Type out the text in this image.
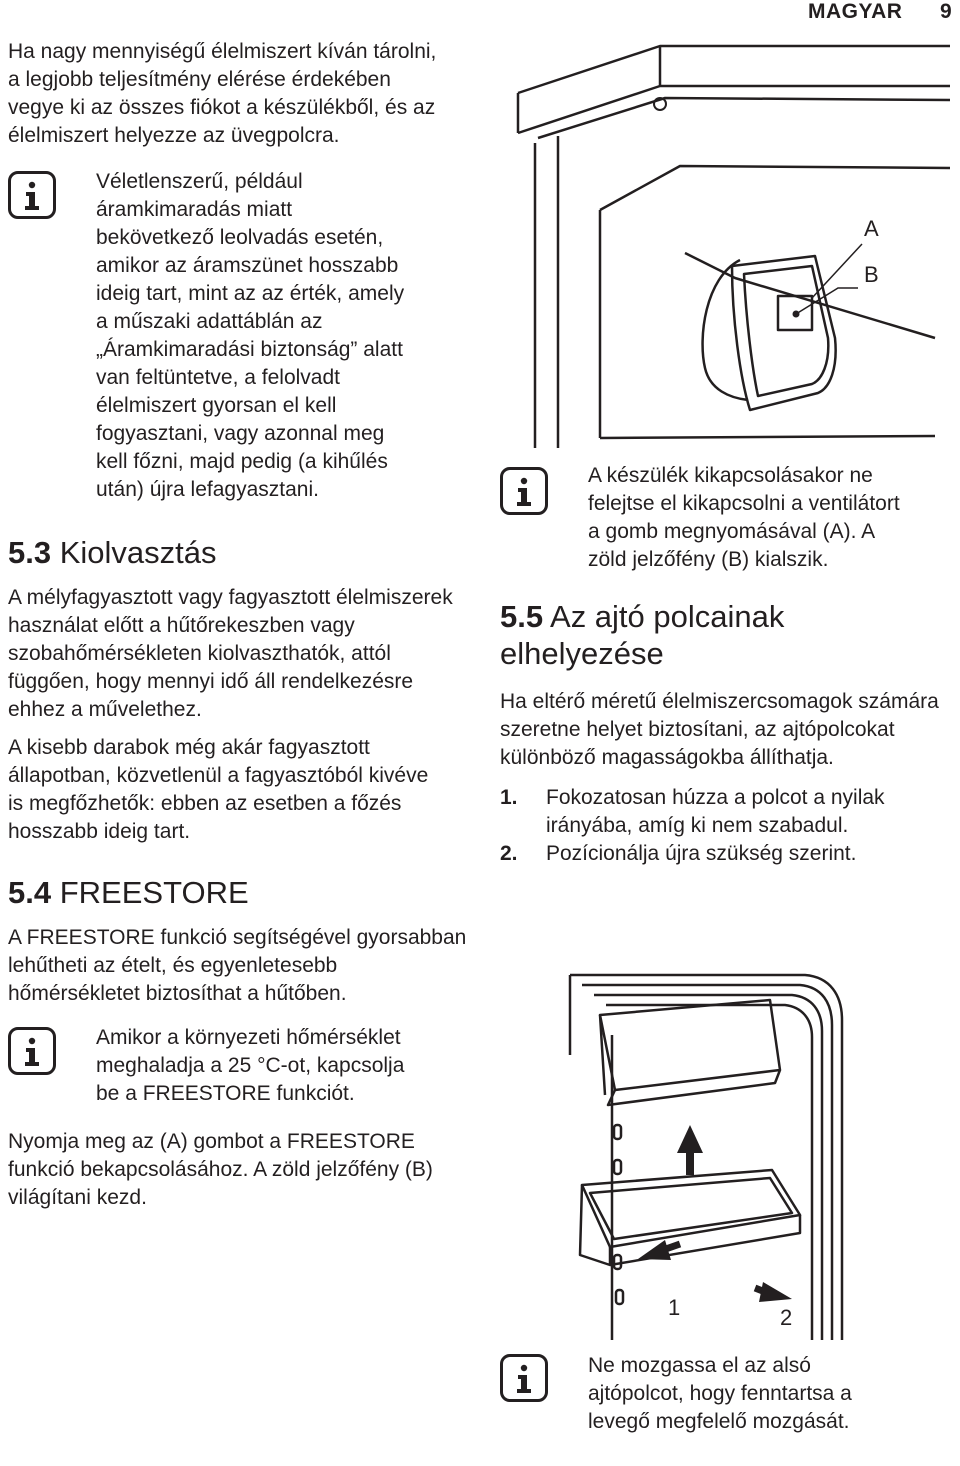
MAGYAR 9

Ha nagy mennyiségű élelmiszert kíván tárolni, a legjobb teljesítmény elérése érdekében vegye ki az összes fiókot a készülékből, és az élelmiszert helyezze az üvegpolcra.

Véletlenszerű, például áramkimaradás miatt bekövetkező leolvadás esetén, amikor az áramszünet hosszabb ideig tart, mint az az érték, amely a műszaki adattáblán az „Áramkimaradási biztonság” alatt van feltüntetve, a felolvadt élelmiszert gyorsan el kell fogyasztani, vagy azonnal meg kell főzni, majd pedig (a kihűlés után) újra lefagyasztani.

5.3 Kiolvasztás

A mélyfagyasztott vagy fagyasztott élelmiszerek használat előtt a hűtőrekeszben vagy szobahőmérsékleten kiolvaszthatók, attól függően, hogy mennyi idő áll rendelkezésre ehhez a művelethez.

A kisebb darabok még akár fagyasztott állapotban, közvetlenül a fagyasztóból kivéve is megfőzhetők: ebben az esetben a főzés hosszabb ideig tart.

5.4 FREESTORE

A FREESTORE funkció segítségével gyorsabban lehűtheti az ételt, és egyenletesebb hőmérsékletet biztosíthat a hűtőben.

Amikor a környezeti hőmérséklet meghaladja a 25 °C-ot, kapcsolja be a FREESTORE funkciót.

Nyomja meg az (A) gombot a FREESTORE funkció bekapcsolásához. A zöld jelzőfény (B) világítani kezd.

A
B

A készülék kikapcsolásakor ne felejtse el kikapcsolni a ventilátort a gomb megnyomásával (A). A zöld jelzőfény (B) kialszik.

5.5 Az ajtó polcainak elhelyezése

Ha eltérő méretű élelmiszercsomagok számára szeretne helyet biztosítani, az ajtópolcokat különböző magasságokba állíthatja.

1. Fokozatosan húzza a polcot a nyilak irányába, amíg ki nem szabadul.
2. Pozícionálja újra szükség szerint.
1	2

Ne mozgassa el az alsó ajtópolcot, hogy fenntartsa a levegő megfelelő mozgását.
